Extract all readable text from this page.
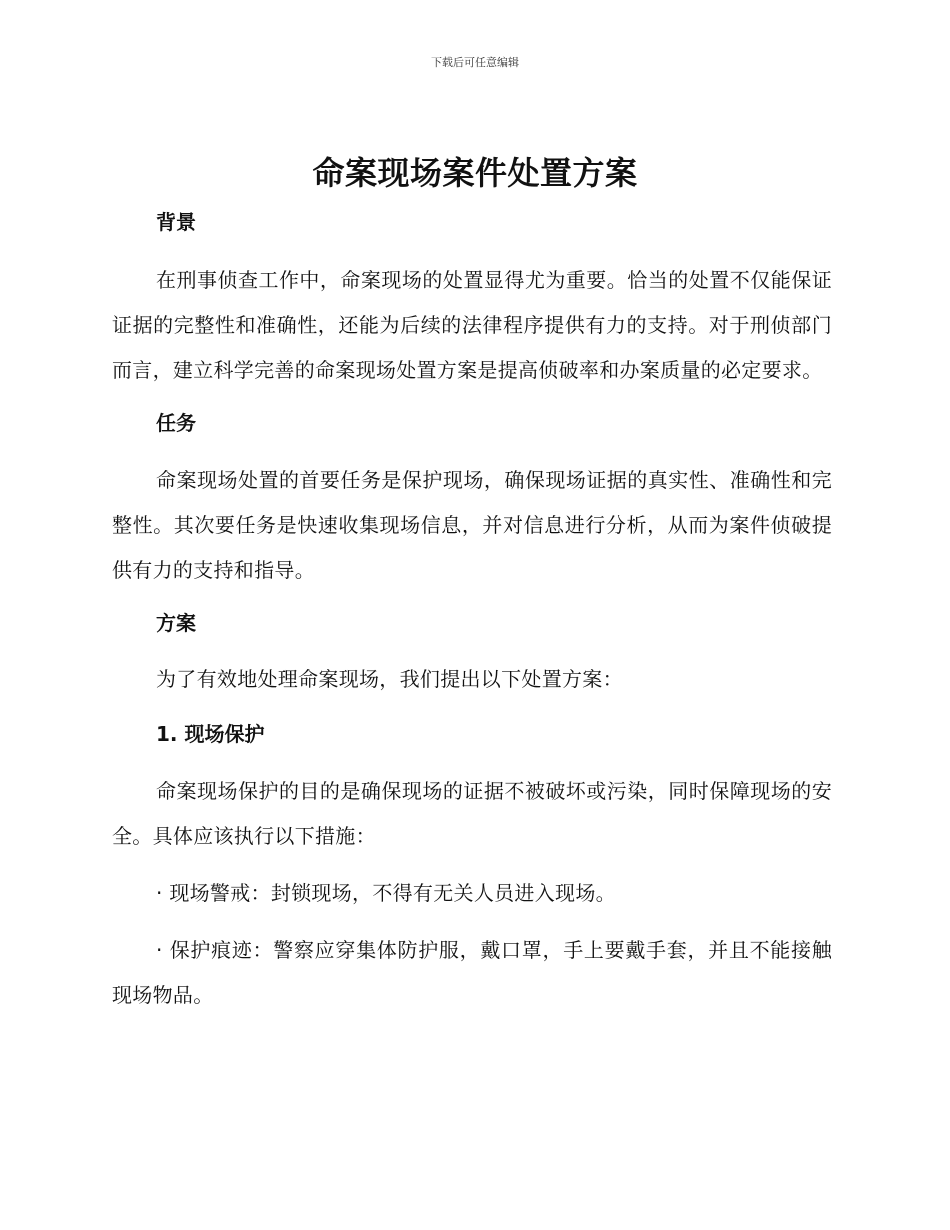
下载后可任意编辑
命案现场案件处置方案
背景

在刑事侦查工作中，命案现场的处置显得尤为重要。恰当的处置不仅能保证证据的完整性和准确性，还能为后续的法律程序提供有力的支持。对于刑侦部门而言，建立科学完善的命案现场处置方案是提高侦破率和办案质量的必定要求。

任务

命案现场处置的首要任务是保护现场，确保现场证据的真实性、准确性和完整性。其次要任务是快速收集现场信息，并对信息进行分析，从而为案件侦破提供有力的支持和指导。

方案

为了有效地处理命案现场，我们提出以下处置方案：

1. 现场保护

命案现场保护的目的是确保现场的证据不被破坏或污染，同时保障现场的安全。具体应该执行以下措施：

· 现场警戒：封锁现场，不得有无关人员进入现场。

· 保护痕迹：警察应穿集体防护服，戴口罩，手上要戴手套，并且不能接触现场物品。
